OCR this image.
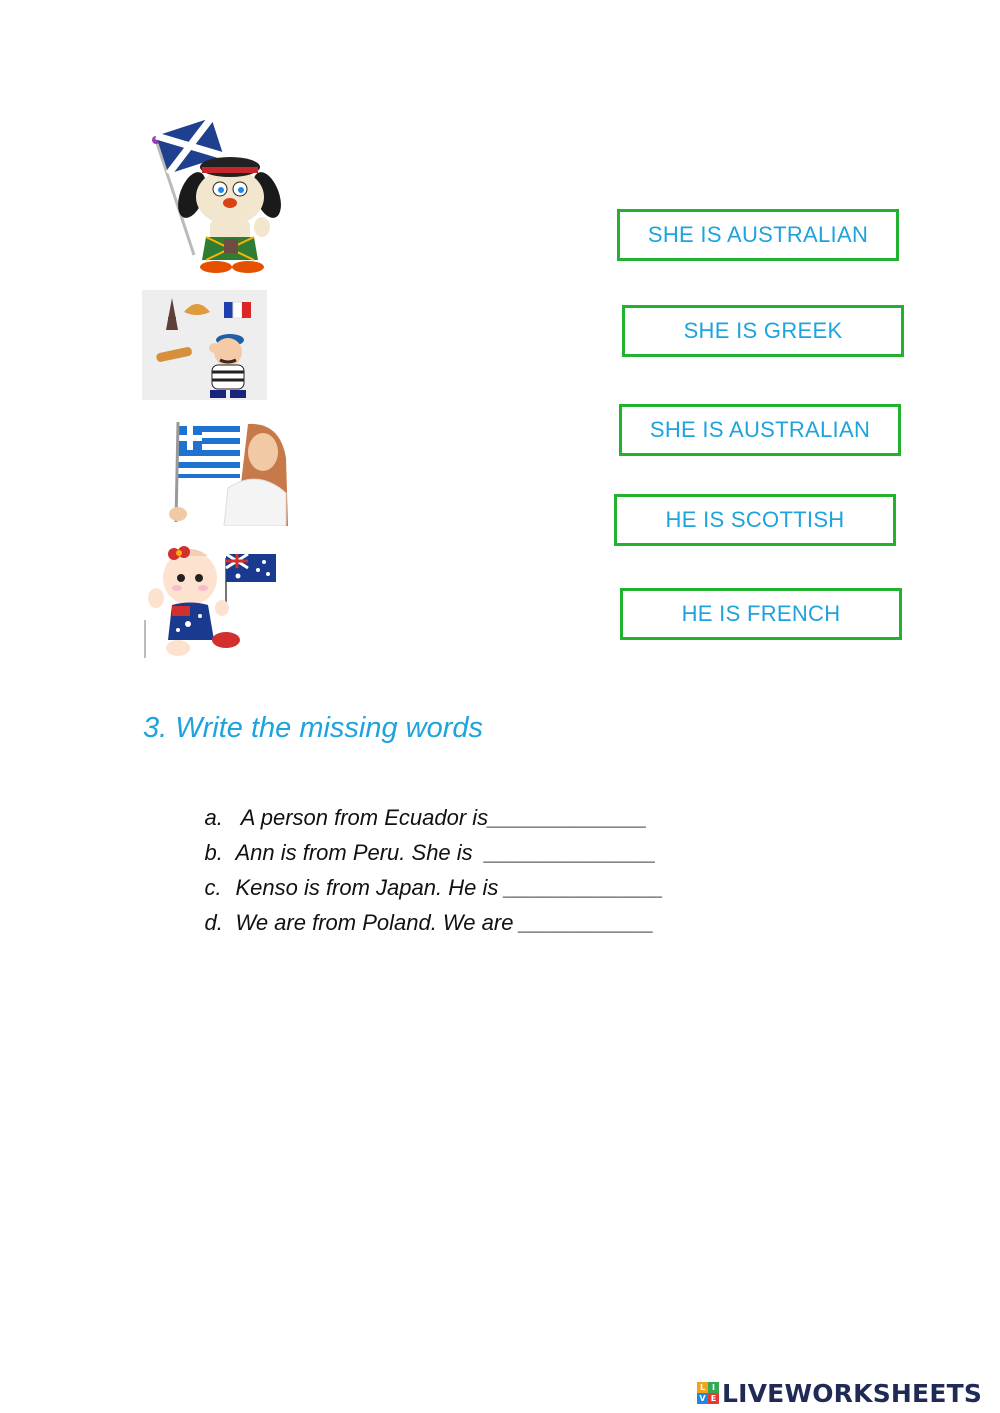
SHE IS AUSTRALIAN
SHE IS GREEK
SHE IS AUSTRALIAN
HE IS SCOTTISH
HE IS FRENCH
3. Write the missing words

a. A person from Ecuador is_____________

b. Ann is from Peru. She is  ______________

c. Kenso is from Japan. He is _____________

d. We are from Poland. We are ___________

L I
V E LIVEWORKSHEETS
